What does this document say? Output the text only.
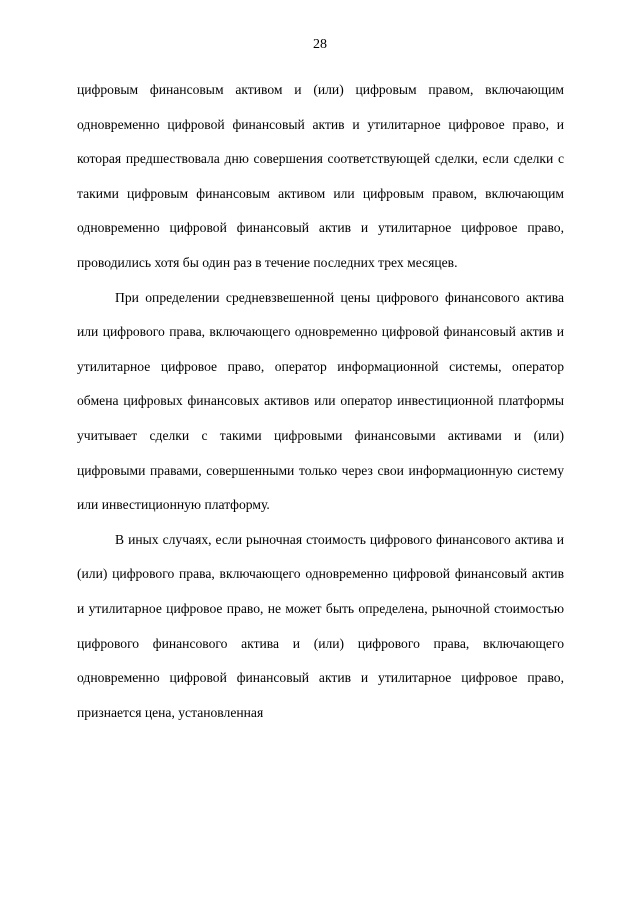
28

цифровым финансовым активом и (или) цифровым правом, включающим одновременно цифровой финансовый актив и утилитарное цифровое право, и которая предшествовала дню совершения соответствующей сделки, если сделки с такими цифровым финансовым активом или цифровым правом, включающим одновременно цифровой финансовый актив и утилитарное цифровое право, проводились хотя бы один раз в течение последних трех месяцев.

При определении средневзвешенной цены цифрового финансового актива или цифрового права, включающего одновременно цифровой финансовый актив и утилитарное цифровое право, оператор информационной системы, оператор обмена цифровых финансовых активов или оператор инвестиционной платформы учитывает сделки с такими цифровыми финансовыми активами и (или) цифровыми правами, совершенными только через свои информационную систему или инвестиционную платформу.

В иных случаях, если рыночная стоимость цифрового финансового актива и (или) цифрового права, включающего одновременно цифровой финансовый актив и утилитарное цифровое право, не может быть определена, рыночной стоимостью цифрового финансового актива и (или) цифрового права, включающего одновременно цифровой финансовый актив и утилитарное цифровое право, признается цена, установленная
